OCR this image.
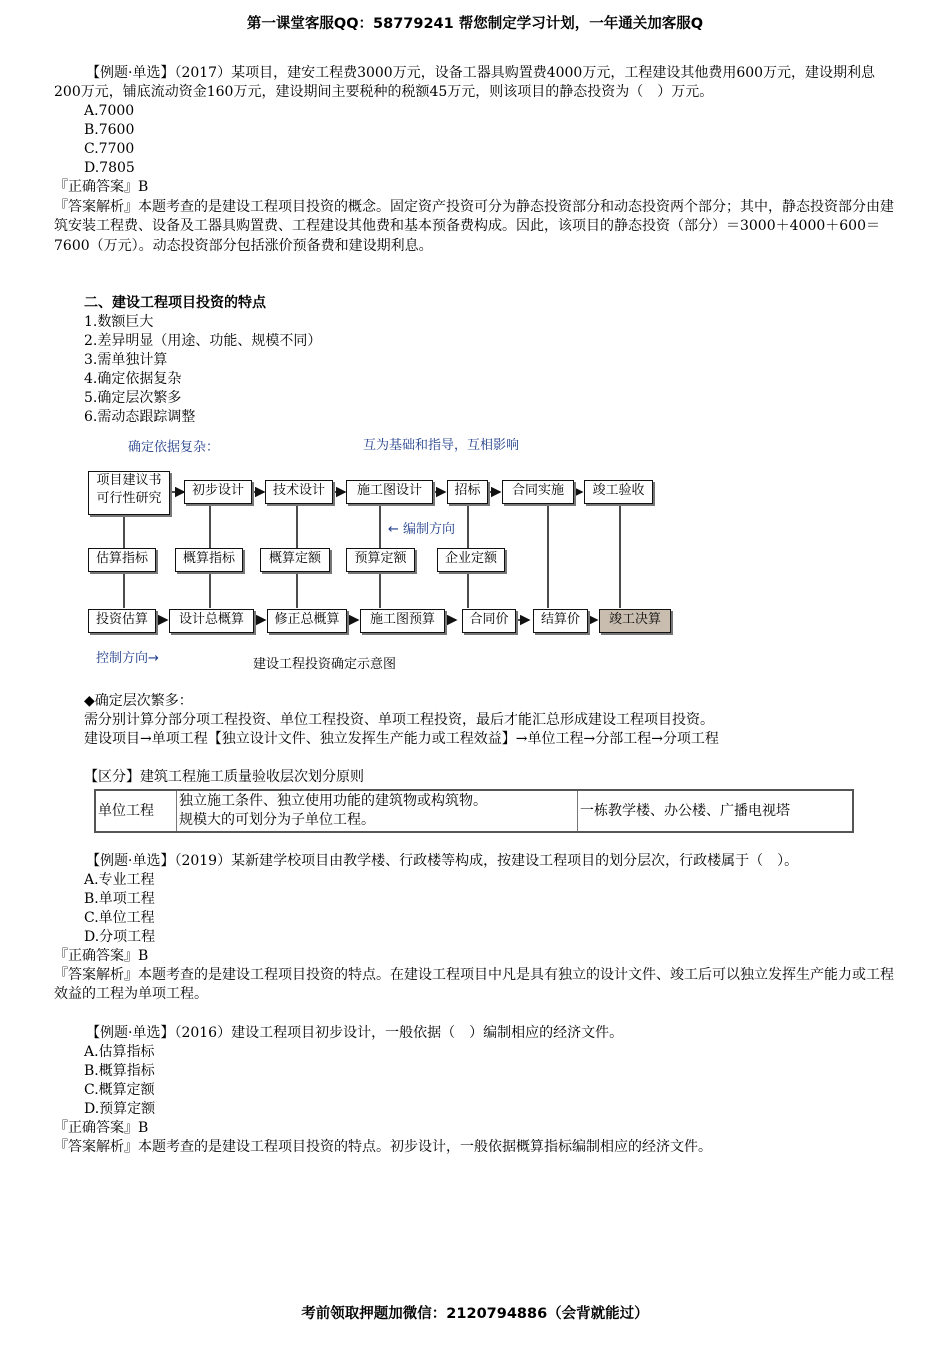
第一课堂客服QQ：58779241 帮您制定学习计划，一年通关加客服Q
【例题·单选】（2017）某项目，建安工程费3000万元，设备工器具购置费4000万元，工程建设其他费用600万元，建设期利息200万元，铺底流动资金160万元，建设期间主要税种的税额45万元，则该项目的静态投资为（　）万元。
A.7000
B.7600
C.7700
D.7805
『正确答案』B
『答案解析』本题考查的是建设工程项目投资的概念。固定资产投资可分为静态投资部分和动态投资两个部分；其中，静态投资部分由建筑安装工程费、设备及工器具购置费、工程建设其他费和基本预备费构成。因此，该项目的静态投资（部分）＝3000＋4000＋600＝7600（万元）。动态投资部分包括涨价预备费和建设期利息。
二、建设工程项目投资的特点
1.数额巨大
2.差异明显（用途、功能、规模不同）
3.需单独计算
4.确定依据复杂
5.确定层次繁多
6.需动态跟踪调整
确定依据复杂：	互为基础和指导，互相影响
← 编制方向
控制方向→	建设工程投资确定示意图
项目建议书
可行性研究
初步设计	技术设计	施工图设计	招标	合同实施	竣工验收
估算指标	概算指标	概算定额	预算定额	企业定额
投资估算	设计总概算	修正总概算	施工图预算	合同价	结算价	竣工决算
◆确定层次繁多：
需分别计算分部分项工程投资、单位工程投资、单项工程投资，最后才能汇总形成建设工程项目投资。
建设项目→单项工程【独立设计文件、独立发挥生产能力或工程效益】→单位工程→分部工程→分项工程
【区分】建筑工程施工质量验收层次划分原则
单位工程	
独立施工条件、独立使用功能的建筑物或构筑物。
规模大的可划分为子单位工程。
	一栋教学楼、办公楼、广播电视塔
【例题·单选】（2019）某新建学校项目由教学楼、行政楼等构成，按建设工程项目的划分层次，行政楼属于（　）。
A.专业工程
B.单项工程
C.单位工程
D.分项工程
『正确答案』B
『答案解析』本题考查的是建设工程项目投资的特点。在建设工程项目中凡是具有独立的设计文件、竣工后可以独立发挥生产能力或工程效益的工程为单项工程。
【例题·单选】（2016）建设工程项目初步设计，一般依据（　）编制相应的经济文件。
A.估算指标
B.概算指标
C.概算定额
D.预算定额
『正确答案』B
『答案解析』本题考查的是建设工程项目投资的特点。初步设计，一般依据概算指标编制相应的经济文件。
考前领取押题加微信：2120794886（会背就能过）
